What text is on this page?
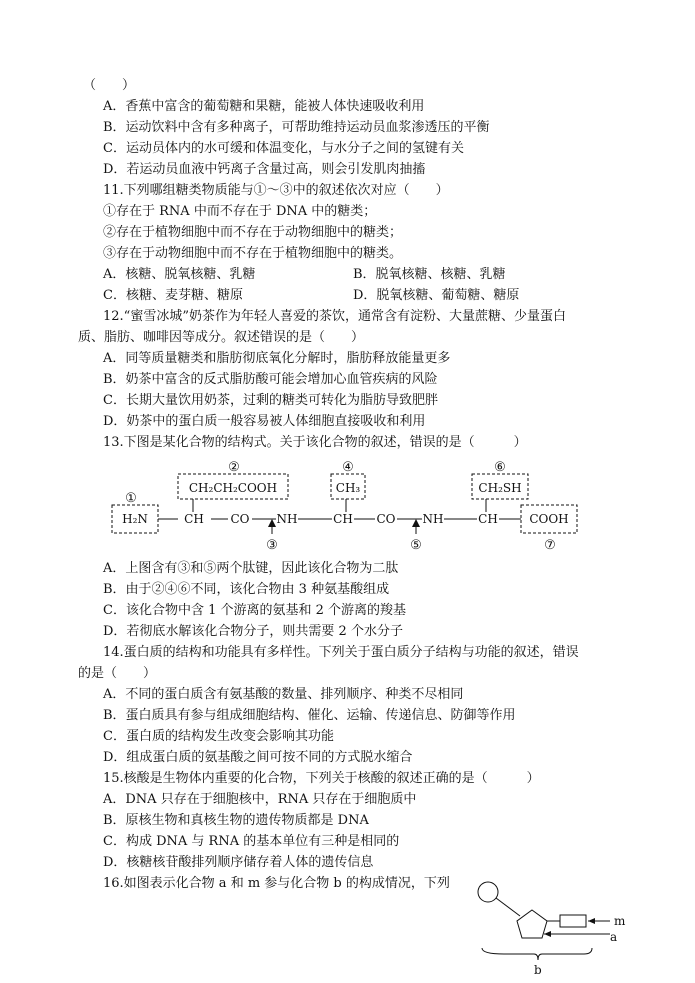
（　　）
A．香蕉中富含的葡萄糖和果糖，能被人体快速吸收利用
B．运动饮料中含有多种离子，可帮助维持运动员血浆渗透压的平衡
C．运动员体内的水可缓和体温变化，与水分子之间的氢键有关
D．若运动员血液中钙离子含量过高，则会引发肌肉抽搐
11.下列哪组糖类物质能与①～③中的叙述依次对应（　　）
①存在于 RNA 中而不存在于 DNA 中的糖类；
②存在于植物细胞中而不存在于动物细胞中的糖类；
③存在于动物细胞中而不存在于植物细胞中的糖类。
A．核糖、脱氧核糖、乳糖	B．脱氧核糖、核糖、乳糖
C．核糖、麦芽糖、糖原	D．脱氧核糖、葡萄糖、糖原
12.“蜜雪冰城”奶茶作为年轻人喜爱的茶饮，通常含有淀粉、大量蔗糖、少量蛋白
质、脂肪、咖啡因等成分。叙述错误的是（　　）
A．同等质量糖类和脂肪彻底氧化分解时，脂肪释放能量更多
B．奶茶中富含的反式脂肪酸可能会增加心血管疾病的风险
C．长期大量饮用奶茶，过剩的糖类可转化为脂肪导致肥胖
D．奶茶中的蛋白质一般容易被人体细胞直接吸收和利用
13.下图是某化合物的结构式。关于该化合物的叙述，错误的是（　　　）
①
②	④	⑥
③	⑤	⑦
H₂N	CH CO NH	CH CO NH	CH	COOH
CH₂CH₂COOH	CH₃	CH₂SH
A．上图含有③和⑤两个肽键，因此该化合物为二肽
B．由于②④⑥不同，该化合物由 3 种氨基酸组成
C．该化合物中含 1 个游离的氨基和 2 个游离的羧基
D．若彻底水解该化合物分子，则共需要 2 个水分子
14.蛋白质的结构和功能具有多样性。下列关于蛋白质分子结构与功能的叙述，错误
的是（　　）
A．不同的蛋白质含有氨基酸的数量、排列顺序、种类不尽相同
B．蛋白质具有参与组成细胞结构、催化、运输、传递信息、防御等作用
C．蛋白质的结构发生改变会影响其功能
D．组成蛋白质的氨基酸之间可按不同的方式脱水缩合
15.核酸是生物体内重要的化合物，下列关于核酸的叙述正确的是（　　　）
A．DNA 只存在于细胞核中，RNA 只存在于细胞质中
B．原核生物和真核生物的遗传物质都是 DNA
C．构成 DNA 与 RNA 的基本单位有三种是相同的
D．核糖核苷酸排列顺序储存着人体的遗传信息
16.如图表示化合物 a 和 m 参与化合物 b 的构成情况，下列
m
a
b
